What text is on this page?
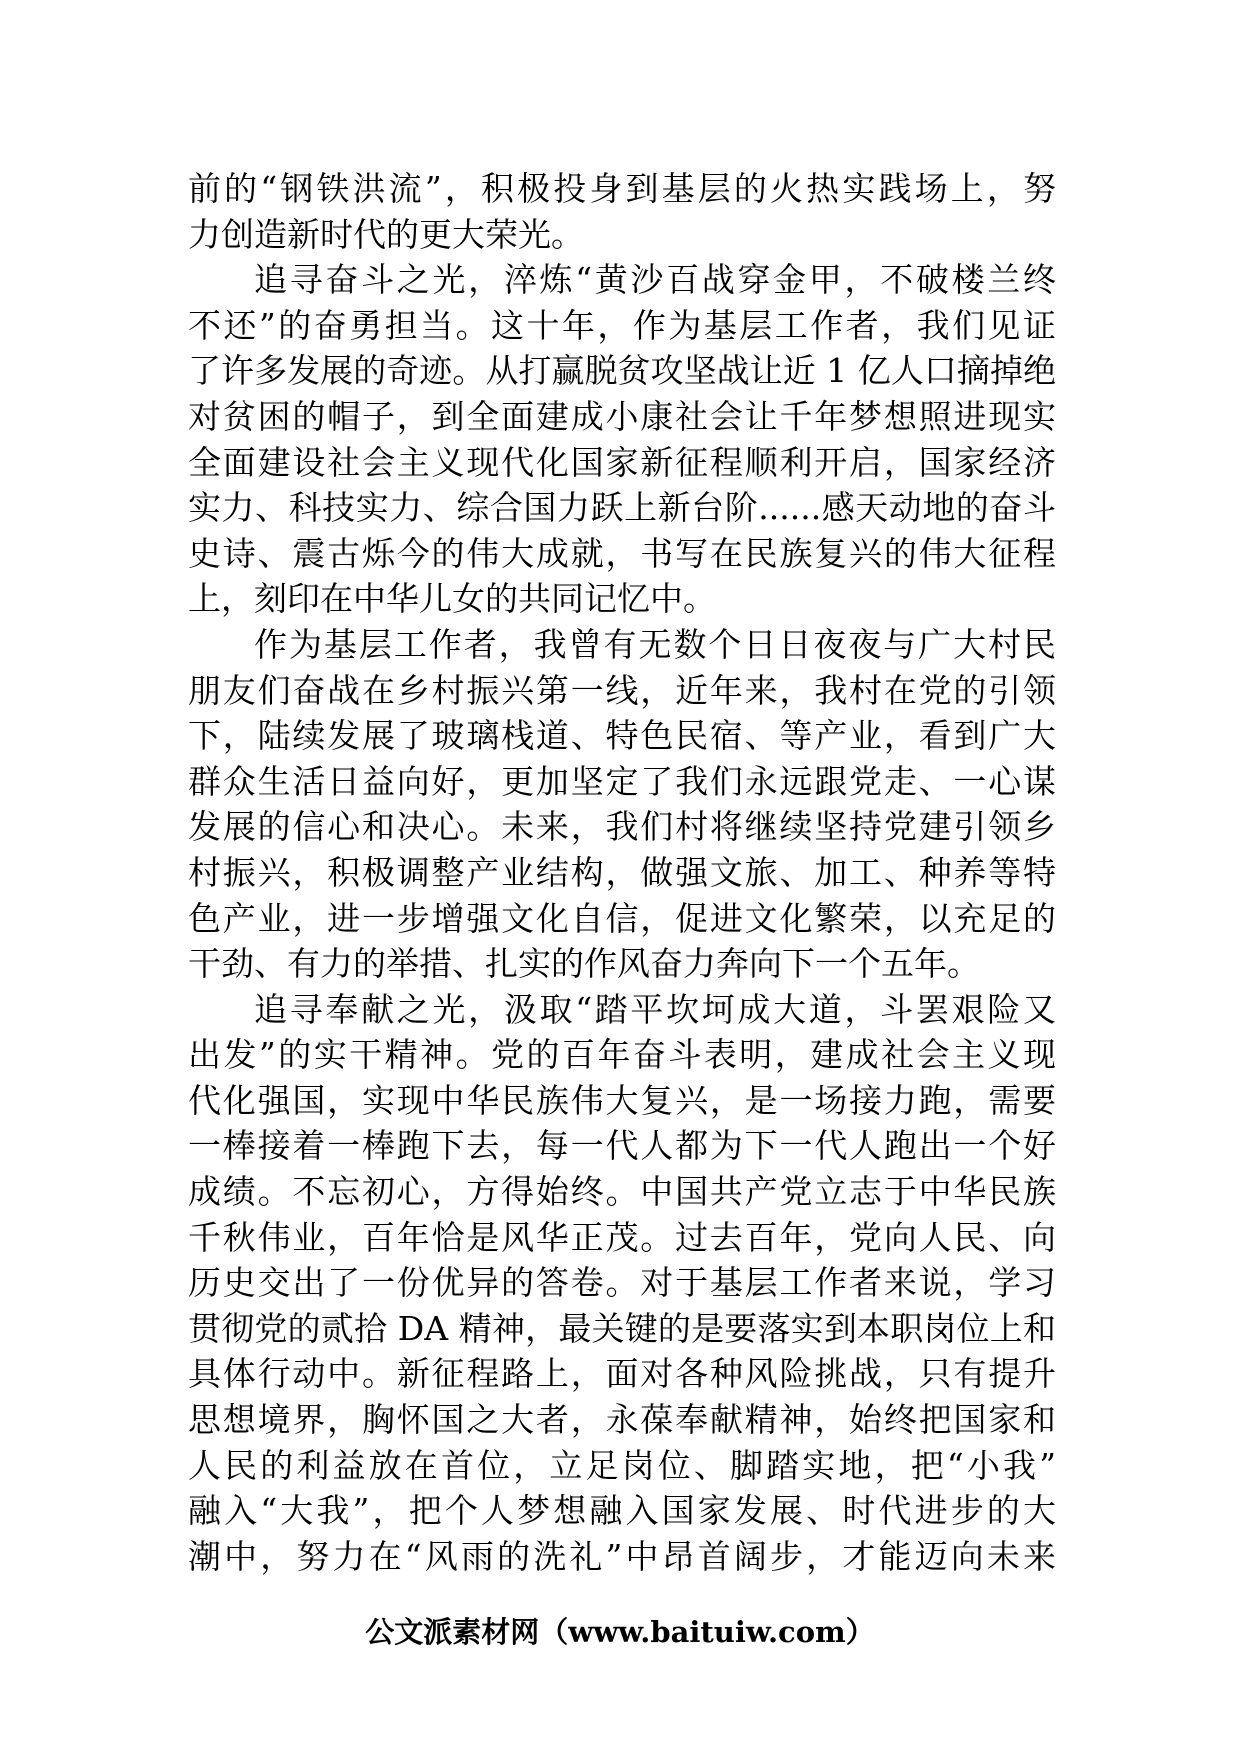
前的“钢铁洪流”，积极投身到基层的火热实践场上，努
力创造新时代的更大荣光。
追寻奋斗之光，淬炼“黄沙百战穿金甲，不破楼兰终
不还”的奋勇担当。这十年，作为基层工作者，我们见证
了许多发展的奇迹。从打赢脱贫攻坚战让近 1 亿人口摘掉绝
对贫困的帽子，到全面建成小康社会让千年梦想照进现实
全面建设社会主义现代化国家新征程顺利开启，国家经济
实力、科技实力、综合国力跃上新台阶......感天动地的奋斗
史诗、震古烁今的伟大成就，书写在民族复兴的伟大征程
上，刻印在中华儿女的共同记忆中。
作为基层工作者，我曾有无数个日日夜夜与广大村民
朋友们奋战在乡村振兴第一线，近年来，我村在党的引领
下，陆续发展了玻璃栈道、特色民宿、等产业，看到广大
群众生活日益向好，更加坚定了我们永远跟党走、一心谋
发展的信心和决心。未来，我们村将继续坚持党建引领乡
村振兴，积极调整产业结构，做强文旅、加工、种养等特
色产业，进一步增强文化自信，促进文化繁荣，以充足的
干劲、有力的举措、扎实的作风奋力奔向下一个五年。
追寻奉献之光，汲取“踏平坎坷成大道，斗罢艰险又
出发”的实干精神。党的百年奋斗表明，建成社会主义现
代化强国，实现中华民族伟大复兴，是一场接力跑，需要
一棒接着一棒跑下去，每一代人都为下一代人跑出一个好
成绩。不忘初心，方得始终。中国共产党立志于中华民族
千秋伟业，百年恰是风华正茂。过去百年，党向人民、向
历史交出了一份优异的答卷。对于基层工作者来说，学习
贯彻党的贰拾 DA 精神，最关键的是要落实到本职岗位上和
具体行动中。新征程路上，面对各种风险挑战，只有提升
思想境界，胸怀国之大者，永葆奉献精神，始终把国家和
人民的利益放在首位，立足岗位、脚踏实地，把“小我”
融入“大我”，把个人梦想融入国家发展、时代进步的大
潮中，努力在“风雨的洗礼”中昂首阔步，才能迈向未来
公文派素材网（www.baituiw.com）
